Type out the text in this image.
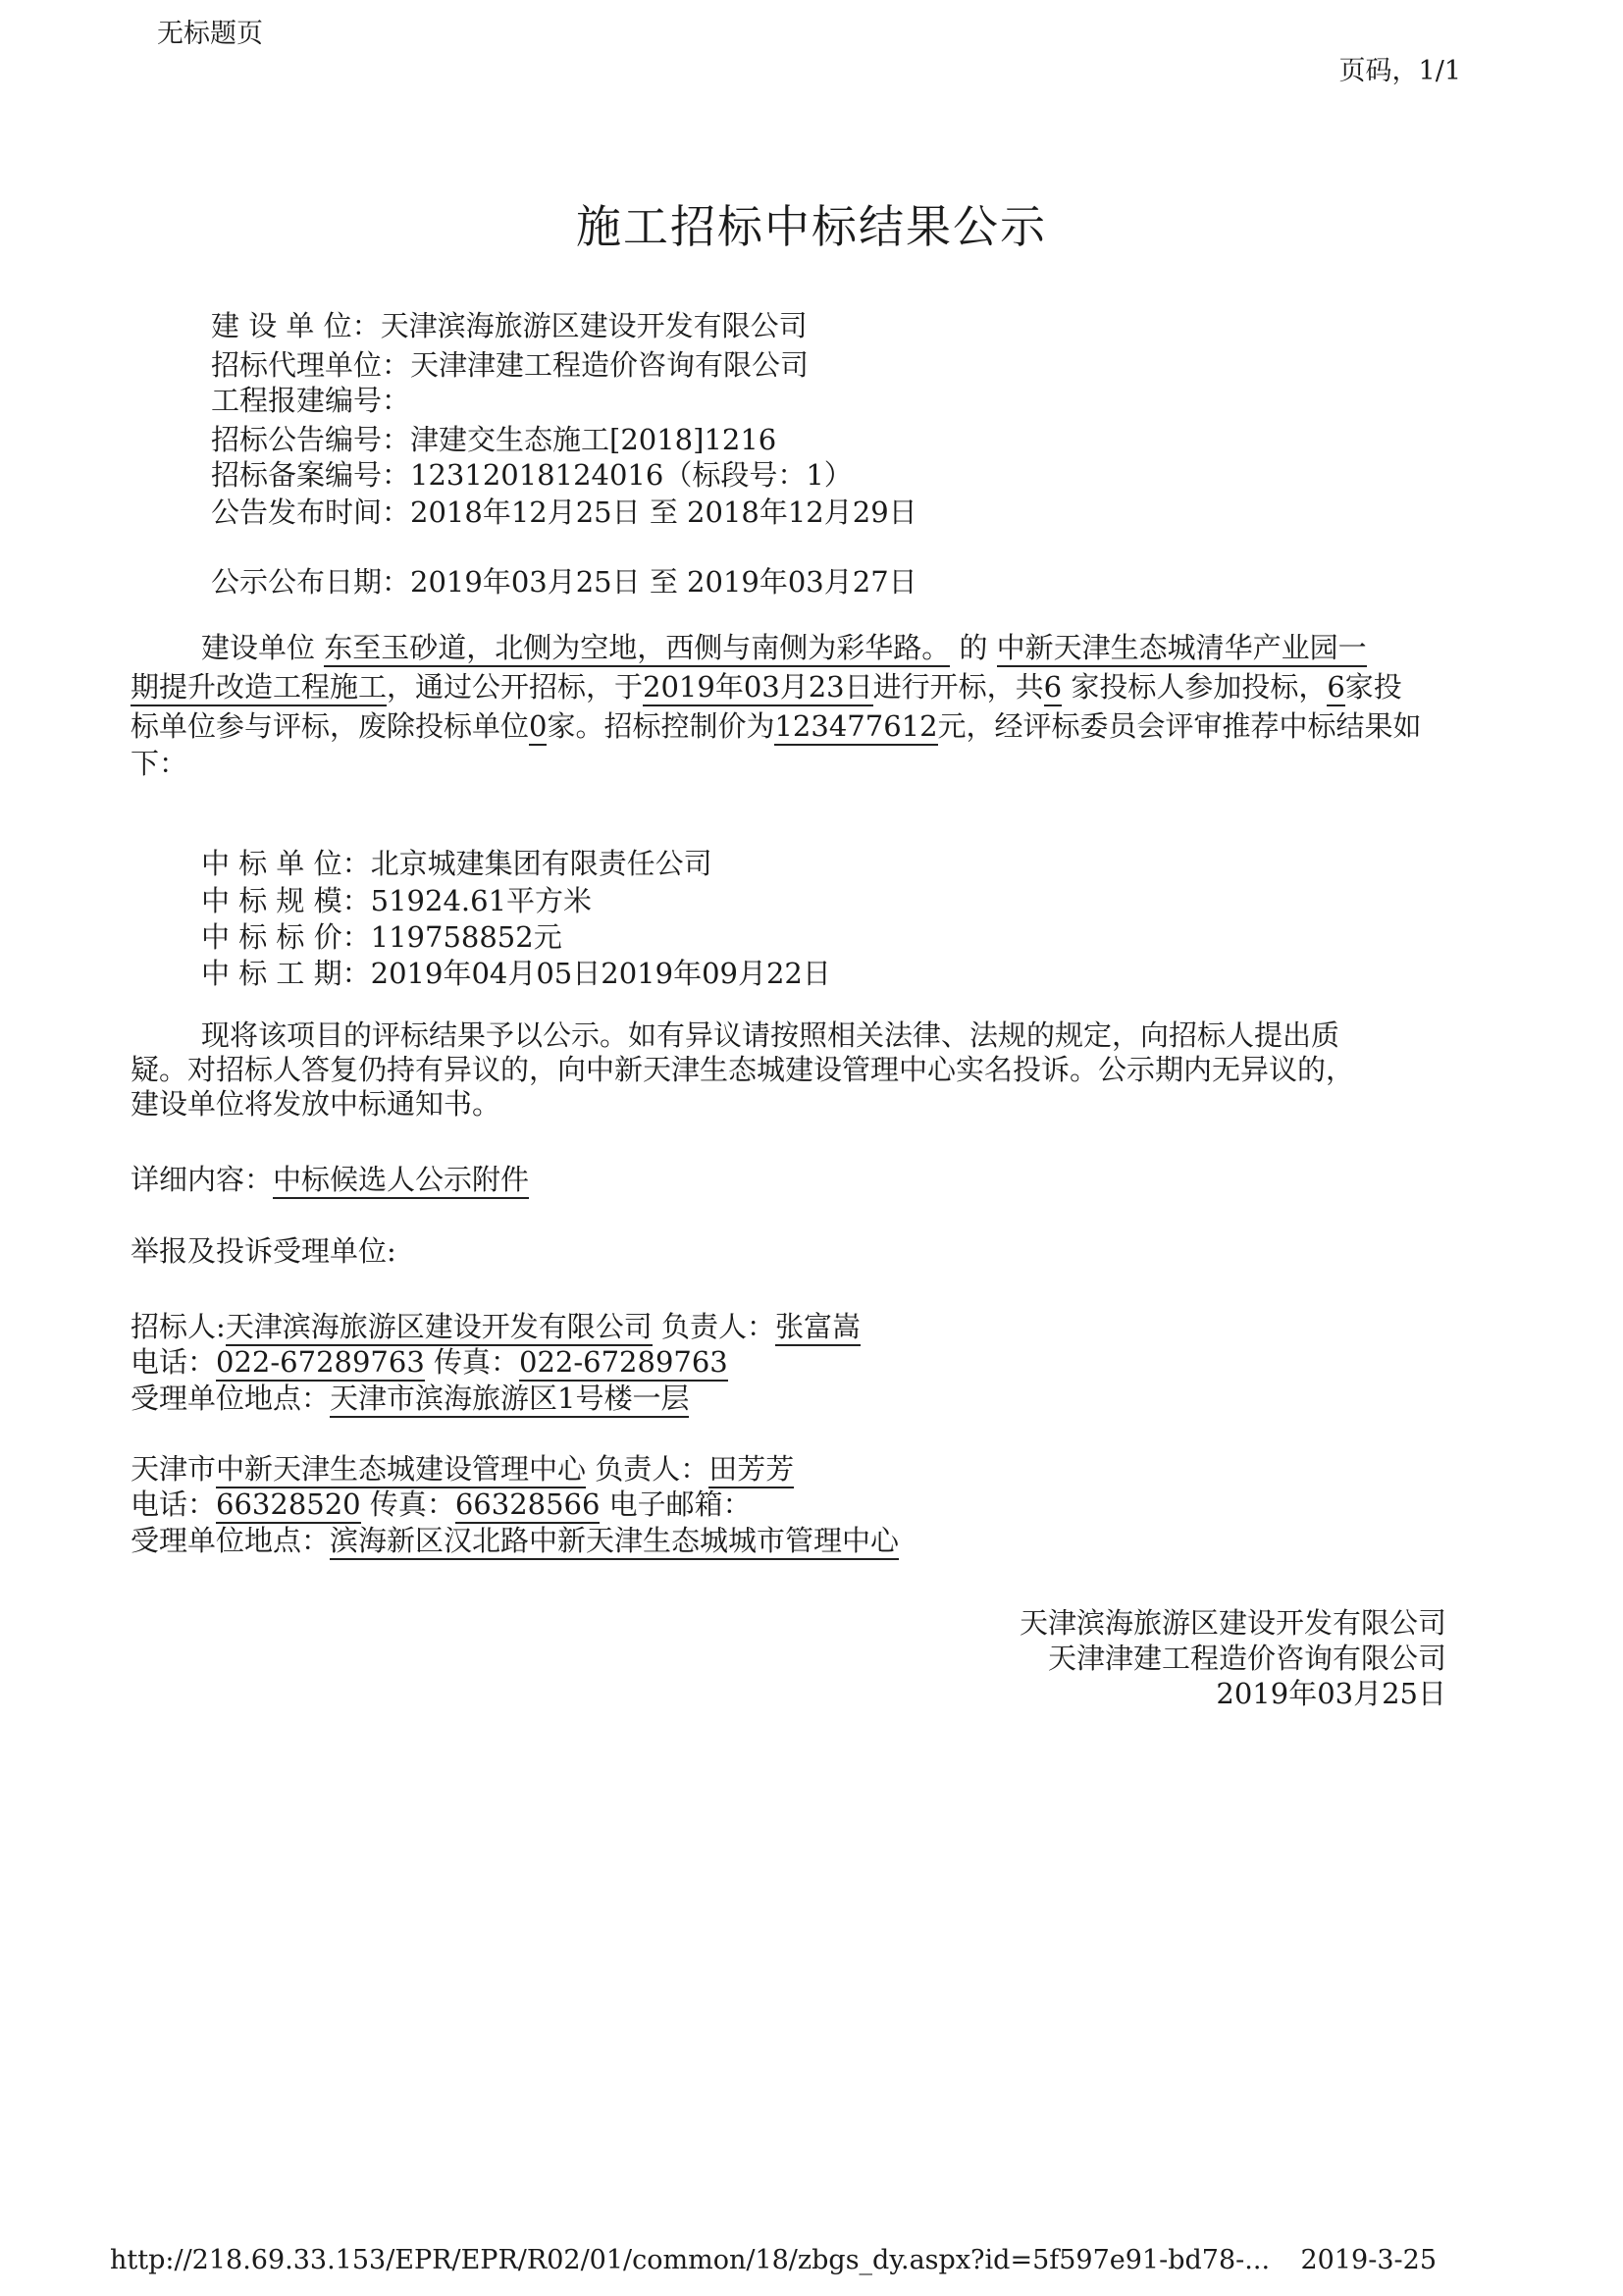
无标题页
页码，1/1
施工招标中标结果公示
建 设 单 位：天津滨海旅游区建设开发有限公司
招标代理单位：天津津建工程造价咨询有限公司
工程报建编号：
招标公告编号：津建交生态施工[2018]1216
招标备案编号：12312018124016（标段号：1）
公告发布时间：2018年12月25日 至 2018年12月29日
公示公布日期：2019年03月25日 至 2019年03月27日
建设单位 东至玉砂道，北侧为空地，西侧与南侧为彩华路。 的 中新天津生态城清华产业园一
期提升改造工程施工，通过公开招标，于2019年03月23日进行开标，共6 家投标人参加投标，6家投
标单位参与评标，废除投标单位0家。招标控制价为123477612元，经评标委员会评审推荐中标结果如
下：
中 标 单 位：北京城建集团有限责任公司
中 标 规 模：51924.61平方米
中 标 标 价：119758852元
中 标 工 期：2019年04月05日2019年09月22日
现将该项目的评标结果予以公示。如有异议请按照相关法律、法规的规定，向招标人提出质
疑。对招标人答复仍持有异议的，向中新天津生态城建设管理中心实名投诉。公示期内无异议的，
建设单位将发放中标通知书。
详细内容：中标候选人公示附件
举报及投诉受理单位:
招标人:天津滨海旅游区建设开发有限公司 负责人：张富嵩
电话：022-67289763 传真：022-67289763
受理单位地点：天津市滨海旅游区1号楼一层
天津市中新天津生态城建设管理中心 负责人：田芳芳
电话：66328520 传真：66328566 电子邮箱：
受理单位地点：滨海新区汉北路中新天津生态城城市管理中心
天津滨海旅游区建设开发有限公司
天津津建工程造价咨询有限公司
2019年03月25日
http://218.69.33.153/EPR/EPR/R02/01/common/18/zbgs_dy.aspx?id=5f597e91-bd78-... 2019-3-25
